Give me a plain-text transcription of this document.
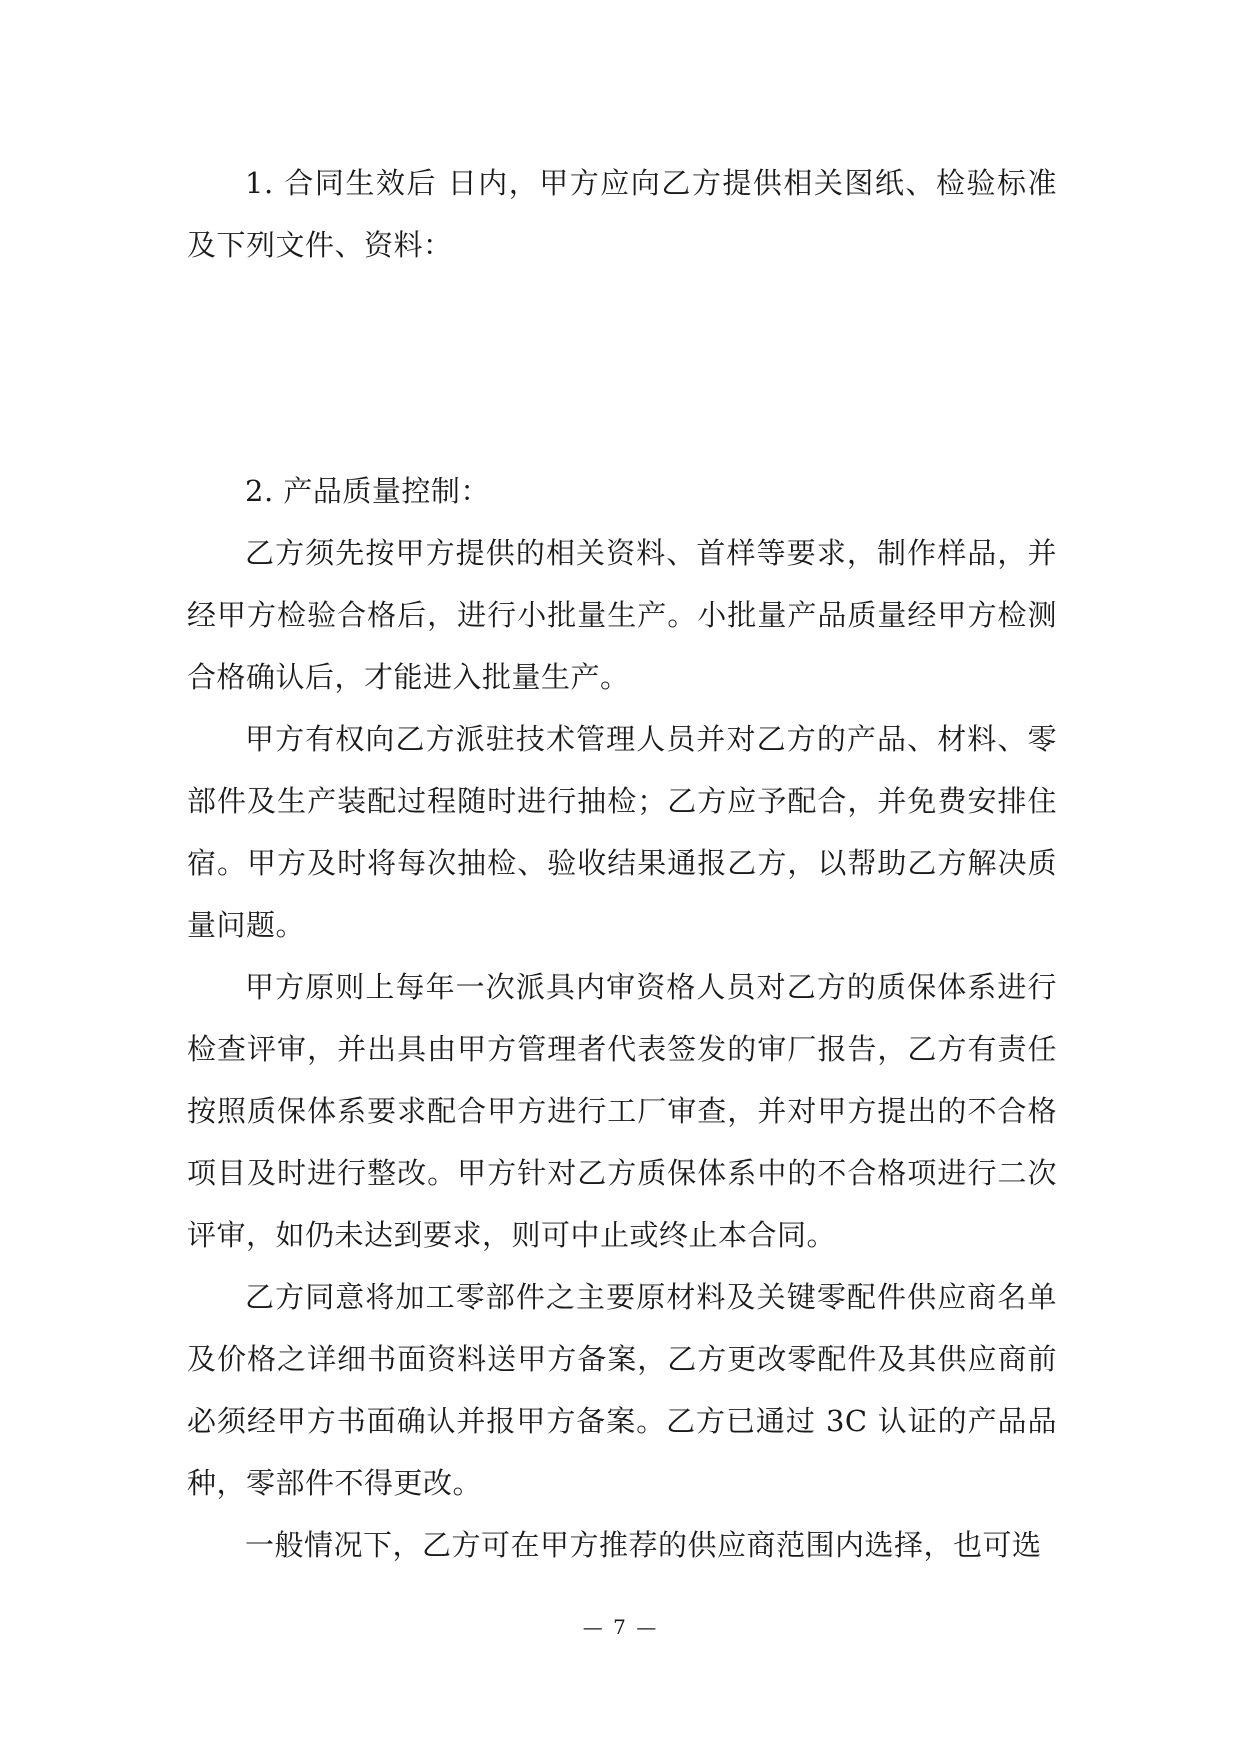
1. 合同生效后 日内，甲方应向乙方提供相关图纸、检验标准及下列文件、资料：

2. 产品质量控制：

乙方须先按甲方提供的相关资料、首样等要求，制作样品，并经甲方检验合格后，进行小批量生产。小批量产品质量经甲方检测合格确认后，才能进入批量生产。

甲方有权向乙方派驻技术管理人员并对乙方的产品、材料、零部件及生产装配过程随时进行抽检；乙方应予配合，并免费安排住宿。甲方及时将每次抽检、验收结果通报乙方，以帮助乙方解决质量问题。

甲方原则上每年一次派具内审资格人员对乙方的质保体系进行检查评审，并出具由甲方管理者代表签发的审厂报告，乙方有责任按照质保体系要求配合甲方进行工厂审查，并对甲方提出的不合格项目及时进行整改。甲方针对乙方质保体系中的不合格项进行二次评审，如仍未达到要求，则可中止或终止本合同。

乙方同意将加工零部件之主要原材料及关键零配件供应商名单及价格之详细书面资料送甲方备案，乙方更改零配件及其供应商前必须经甲方书面确认并报甲方备案。乙方已通过 3C 认证的产品品种，零部件不得更改。

一般情况下，乙方可在甲方推荐的供应商范围内选择，也可选

— 7 —
